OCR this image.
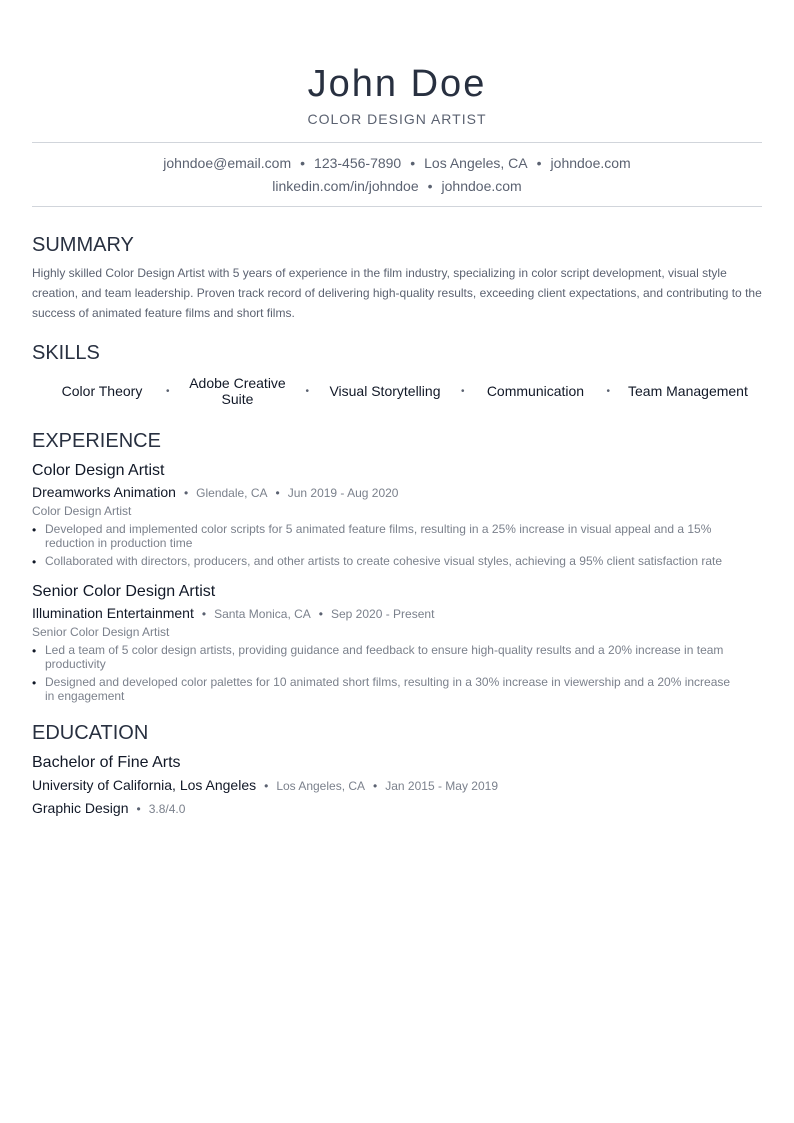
John Doe
COLOR DESIGN ARTIST
johndoe@email.com • 123-456-7890 • Los Angeles, CA • johndoe.com
linkedin.com/in/johndoe • johndoe.com
SUMMARY
Highly skilled Color Design Artist with 5 years of experience in the film industry, specializing in color script development, visual style creation, and team leadership. Proven track record of delivering high-quality results, exceeding client expectations, and contributing to the success of animated feature films and short films.
SKILLS
Color Theory	• Adobe Creative Suite	•	Visual Storytelling	•	Communication	• Team Management
EXPERIENCE
Color Design Artist
Dreamworks Animation • Glendale, CA • Jun 2019 - Aug 2020
Color Design Artist
• Developed and implemented color scripts for 5 animated feature films, resulting in a 25% increase in visual appeal and a 15% reduction in production time
• Collaborated with directors, producers, and other artists to create cohesive visual styles, achieving a 95% client satisfaction rate
Senior Color Design Artist
Illumination Entertainment • Santa Monica, CA • Sep 2020 - Present
Senior Color Design Artist
• Led a team of 5 color design artists, providing guidance and feedback to ensure high-quality results and a 20% increase in team productivity
• Designed and developed color palettes for 10 animated short films, resulting in a 30% increase in viewership and a 20% increase in engagement
EDUCATION
Bachelor of Fine Arts
University of California, Los Angeles • Los Angeles, CA • Jan 2015 - May 2019
Graphic Design • 3.8/4.0
